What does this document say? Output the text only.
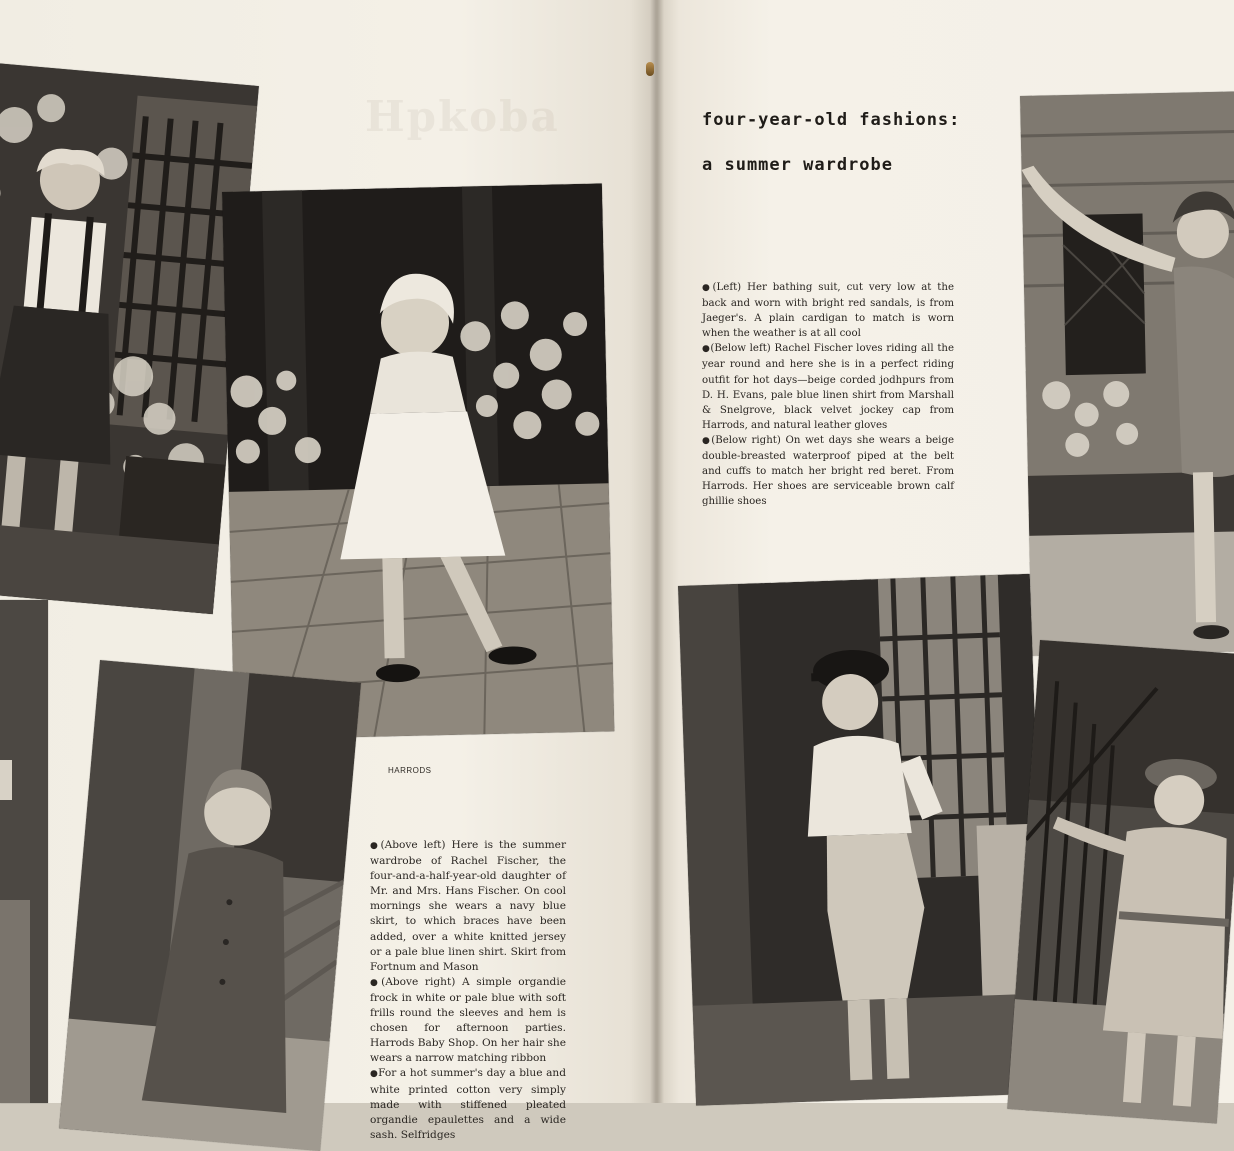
Hpkoba
HARRODS

●(Above left) Here is the summer wardrobe of Rachel Fischer, the four-and-a-half-year-old daughter of Mr. and Mrs. Hans Fischer. On cool mornings she wears a navy blue skirt, to which braces have been added, over a white knitted jersey or a pale blue linen shirt. Skirt from Fortnum and Mason

●(Above right) A simple organdie frock in white or pale blue with soft frills round the sleeves and hem is chosen for afternoon parties. Harrods Baby Shop. On her hair she wears a narrow matching ribbon

●For a hot summer's day a blue and white printed cotton very simply made with stiffened pleated organdie epaulettes and a wide sash. Selfridges

four-year-old fashions:
a summer wardrobe

●(Left) Her bathing suit, cut very low at the back and worn with bright red sandals, is from Jaeger's. A plain cardigan to match is worn when the weather is at all cool

●(Below left) Rachel Fischer loves riding all the year round and here she is in a perfect riding outfit for hot days—beige corded jodhpurs from D. H. Evans, pale blue linen shirt from Marshall & Snelgrove, black velvet jockey cap from Harrods, and natural leather gloves

●(Below right) On wet days she wears a beige double-breasted waterproof piped at the belt and cuffs to match her bright red beret. From Harrods. Her shoes are serviceable brown calf ghillie shoes
